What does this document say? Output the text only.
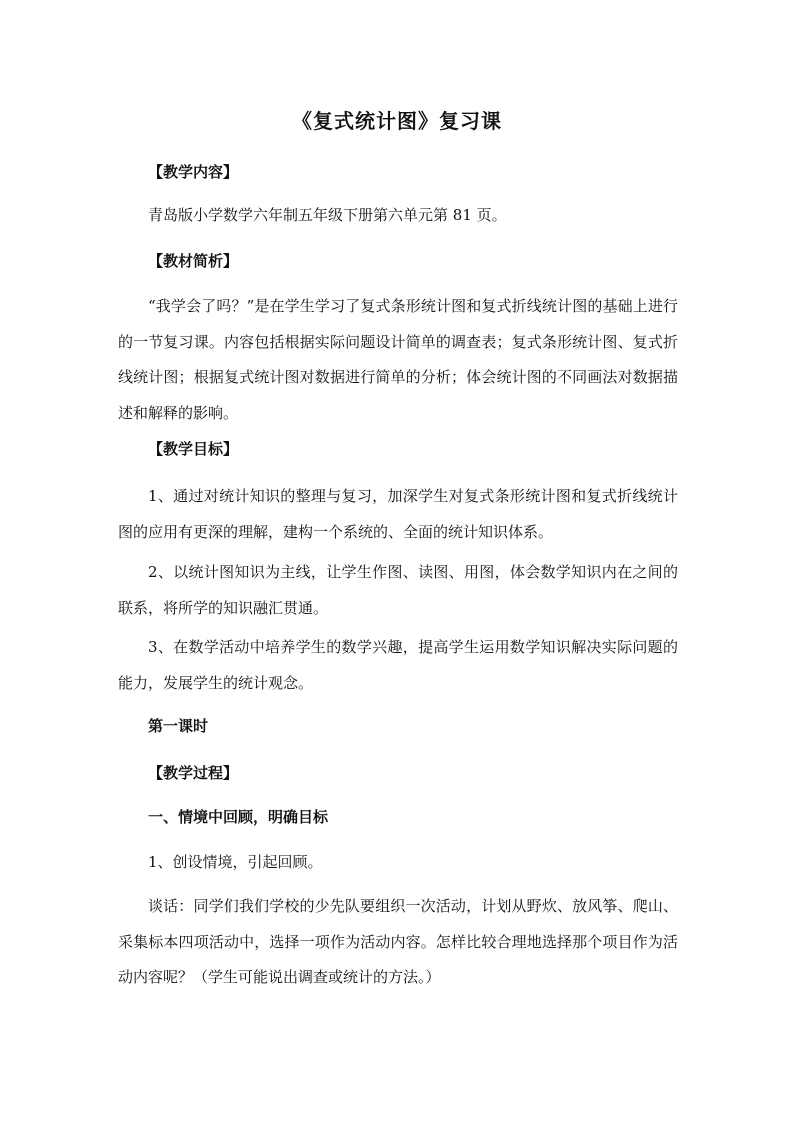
《复式统计图》复习课
【教学内容】
青岛版小学数学六年制五年级下册第六单元第 81 页。
【教材简析】
“我学会了吗？”是在学生学习了复式条形统计图和复式折线统计图的基础上进行的一节复习课。内容包括根据实际问题设计简单的调查表；复式条形统计图、复式折线统计图；根据复式统计图对数据进行简单的分析；体会统计图的不同画法对数据描述和解释的影响。
【教学目标】
1、通过对统计知识的整理与复习，加深学生对复式条形统计图和复式折线统计图的应用有更深的理解，建构一个系统的、全面的统计知识体系。
2、以统计图知识为主线，让学生作图、读图、用图，体会数学知识内在之间的联系，将所学的知识融汇贯通。
3、在数学活动中培养学生的数学兴趣，提高学生运用数学知识解决实际问题的能力，发展学生的统计观念。
第一课时
【教学过程】
一、情境中回顾，明确目标
1、创设情境，引起回顾。
谈话：同学们我们学校的少先队要组织一次活动，计划从野炊、放风筝、爬山、采集标本四项活动中，选择一项作为活动内容。怎样比较合理地选择那个项目作为活动内容呢？（学生可能说出调查或统计的方法。）
